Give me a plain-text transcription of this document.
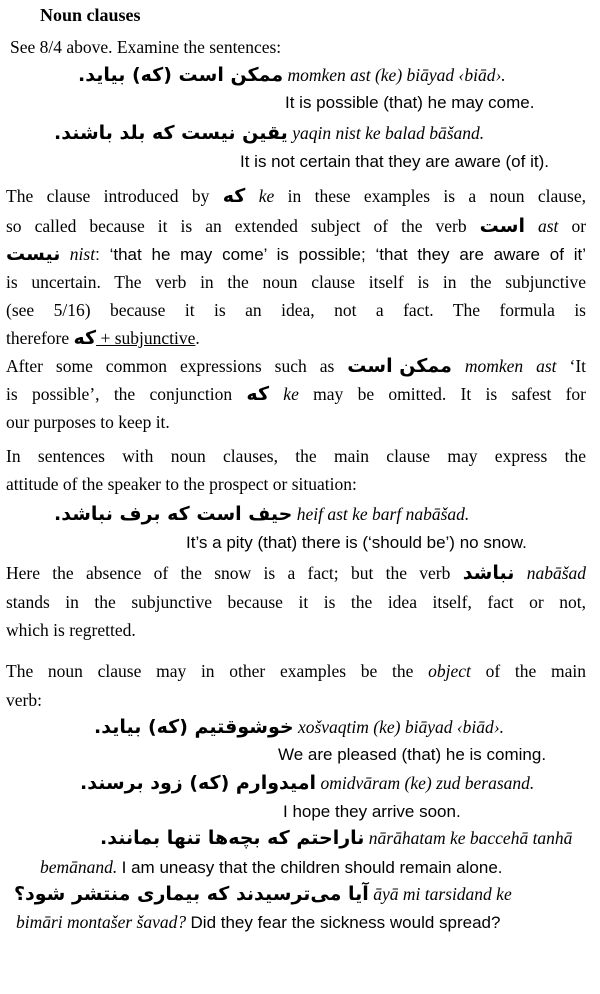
Noun clauses
See 8/4 above. Examine the sentences:
ممکن است (که) بیاید. momken ast (ke) biāyad ‹biād›.
It is possible (that) he may come.
یقین نیست که بلد باشند. yaqin nist ke balad bāšand.
It is not certain that they are aware (of it).
The clause introduced by که ke in these examples is a noun clause,
so called because it is an extended subject of the verb است ast or
نیست nist: ‘that he may come’ is possible; ‘that they are aware of it’
is uncertain. The verb in the noun clause itself is in the subjunctive
(see 5/16) because it is an idea, not a fact. The formula is
therefore که + subjunctive.
After some common expressions such as ممکن است momken ast ‘It
is possible’, the conjunction که ke may be omitted. It is safest for
our purposes to keep it.
In sentences with noun clauses, the main clause may express the
attitude of the speaker to the prospect or situation:
حیف است که برف نباشد. heif ast ke barf nabāšad.
It’s a pity (that) there is (‘should be’) no snow.
Here the absence of the snow is a fact; but the verb نباشد nabāšad
stands in the subjunctive because it is the idea itself, fact or not,
which is regretted.
The noun clause may in other examples be the object of the main
verb:
خوشوقتیم (که) بیاید. xošvaqtim (ke) biāyad ‹biād›.
We are pleased (that) he is coming.
امیدوارم (که) زود برسند. omidvāram (ke) zud berasand.
I hope they arrive soon.
ناراحتم که بچه‌ها تنها بمانند. nārāhatam ke baccehā tanhā
bemānand. I am uneasy that the children should remain alone.
آیا می‌ترسیدند که بیماری منتشر شود؟ āyā mi tarsidand ke
bimāri montašer šavad? Did they fear the sickness would spread?
